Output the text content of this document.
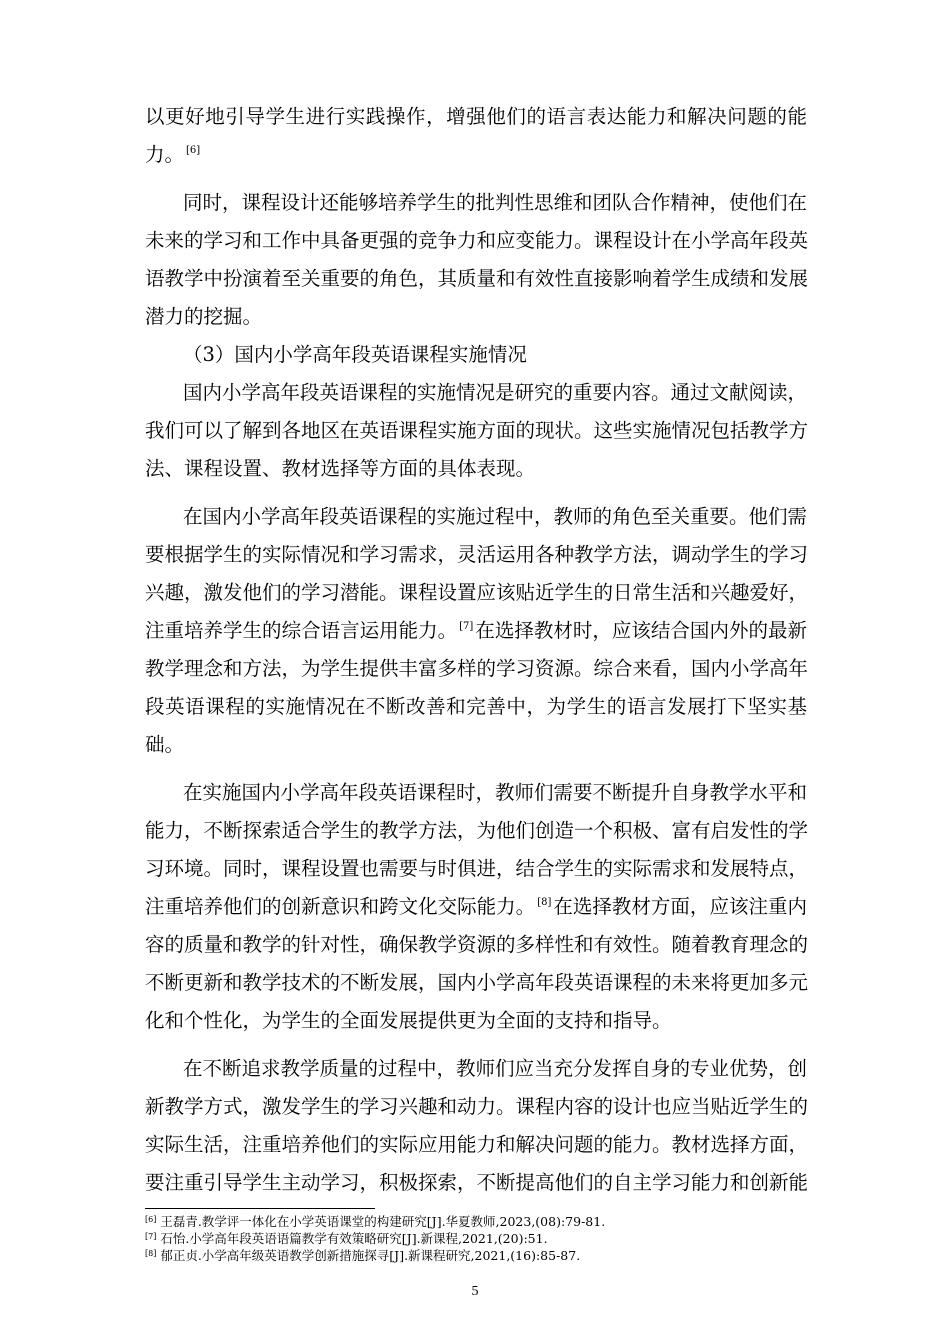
以更好地引导学生进行实践操作，增强他们的语言表达能力和解决问题的能
力。 [6]
同时，课程设计还能够培养学生的批判性思维和团队合作精神，使他们在
未来的学习和工作中具备更强的竞争力和应变能力。课程设计在小学高年段英
语教学中扮演着至关重要的角色，其质量和有效性直接影响着学生成绩和发展
潜力的挖掘。
（3）国内小学高年段英语课程实施情况
国内小学高年段英语课程的实施情况是研究的重要内容。通过文献阅读，
我们可以了解到各地区在英语课程实施方面的现状。这些实施情况包括教学方
法、课程设置、教材选择等方面的具体表现。
在国内小学高年段英语课程的实施过程中，教师的角色至关重要。他们需
要根据学生的实际情况和学习需求，灵活运用各种教学方法，调动学生的学习
兴趣，激发他们的学习潜能。课程设置应该贴近学生的日常生活和兴趣爱好，
注重培养学生的综合语言运用能力。 [7] 在选择教材时，应该结合国内外的最新
教学理念和方法，为学生提供丰富多样的学习资源。综合来看，国内小学高年
段英语课程的实施情况在不断改善和完善中，为学生的语言发展打下坚实基
础。
在实施国内小学高年段英语课程时，教师们需要不断提升自身教学水平和
能力，不断探索适合学生的教学方法，为他们创造一个积极、富有启发性的学
习环境。同时，课程设置也需要与时俱进，结合学生的实际需求和发展特点，
注重培养他们的创新意识和跨文化交际能力。 [8] 在选择教材方面，应该注重内
容的质量和教学的针对性，确保教学资源的多样性和有效性。随着教育理念的
不断更新和教学技术的不断发展，国内小学高年段英语课程的未来将更加多元
化和个性化，为学生的全面发展提供更为全面的支持和指导。
在不断追求教学质量的过程中，教师们应当充分发挥自身的专业优势，创
新教学方式，激发学生的学习兴趣和动力。课程内容的设计也应当贴近学生的
实际生活，注重培养他们的实际应用能力和解决问题的能力。教材选择方面，
要注重引导学生主动学习，积极探索，不断提高他们的自主学习能力和创新能
[6] 王磊青.教学评一体化在小学英语课堂的构建研究[J].华夏教师,2023,(08):79-81.
[7] 石怡.小学高年段英语语篇教学有效策略研究[J].新课程,2021,(20):51.
[8] 郁正贞.小学高年级英语教学创新措施探寻[J].新课程研究,2021,(16):85-87.
5
